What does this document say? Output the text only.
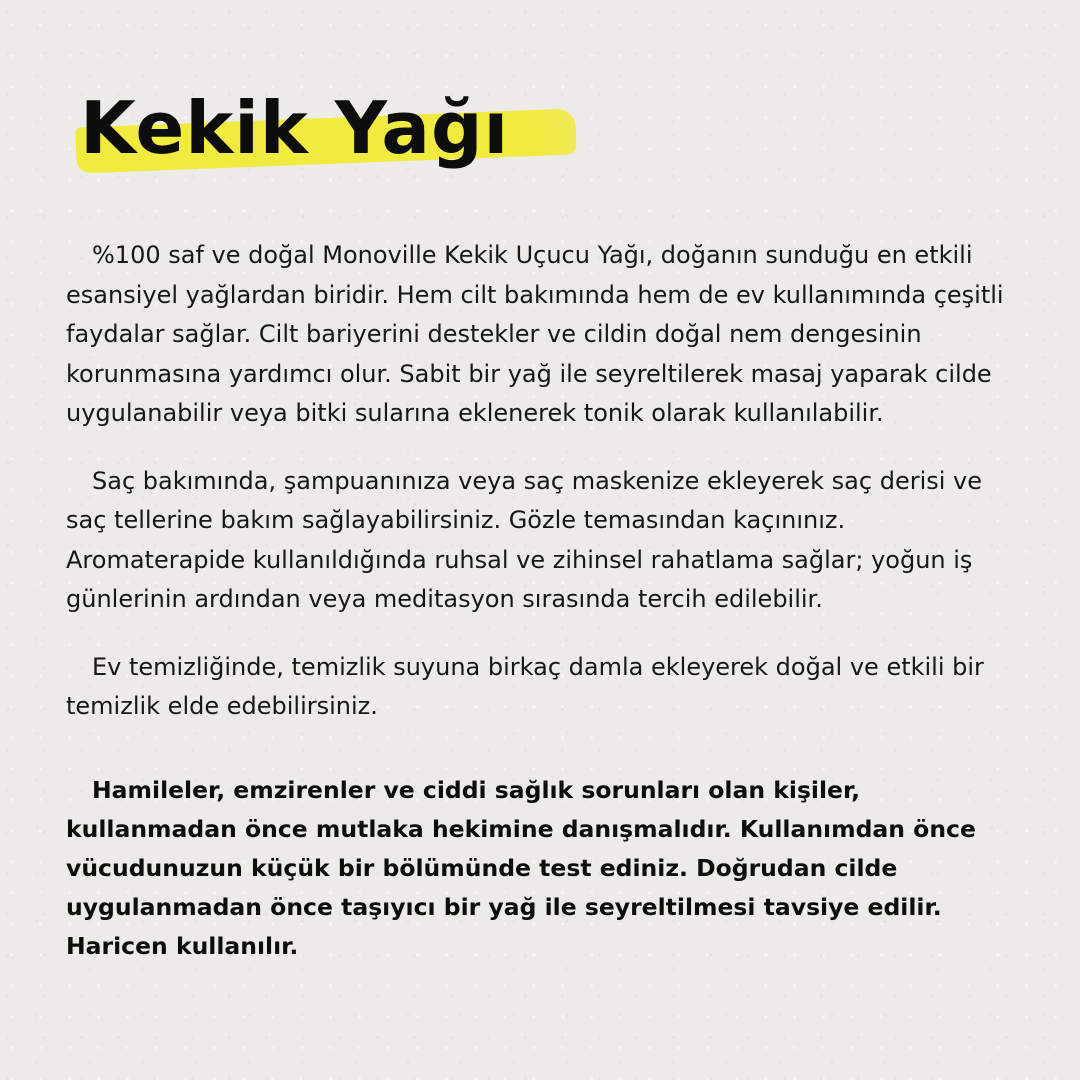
Kekik Yağı

%100 saf ve doğal Monoville Kekik Uçucu Yağı, doğanın sunduğu en etkili esansiyel yağlardan biridir. Hem cilt bakımında hem de ev kullanımında çeşitli faydalar sağlar. Cilt bariyerini destekler ve cildin doğal nem dengesinin korunmasına yardımcı olur. Sabit bir yağ ile seyreltilerek masaj yaparak cilde uygulanabilir veya bitki sularına eklenerek tonik olarak kullanılabilir.

Saç bakımında, şampuanınıza veya saç maskenize ekleyerek saç derisi ve saç tellerine bakım sağlayabilirsiniz. Gözle temasından kaçınınız. Aromaterapide kullanıldığında ruhsal ve zihinsel rahatlama sağlar; yoğun iş günlerinin ardından veya meditasyon sırasında tercih edilebilir.

Ev temizliğinde, temizlik suyuna birkaç damla ekleyerek doğal ve etkili bir temizlik elde edebilirsiniz.

Hamileler, emzirenler ve ciddi sağlık sorunları olan kişiler, kullanmadan önce mutlaka hekimine danışmalıdır. Kullanımdan önce vücudunuzun küçük bir bölümünde test ediniz. Doğrudan cilde uygulanmadan önce taşıyıcı bir yağ ile seyreltilmesi tavsiye edilir. Haricen kullanılır.
